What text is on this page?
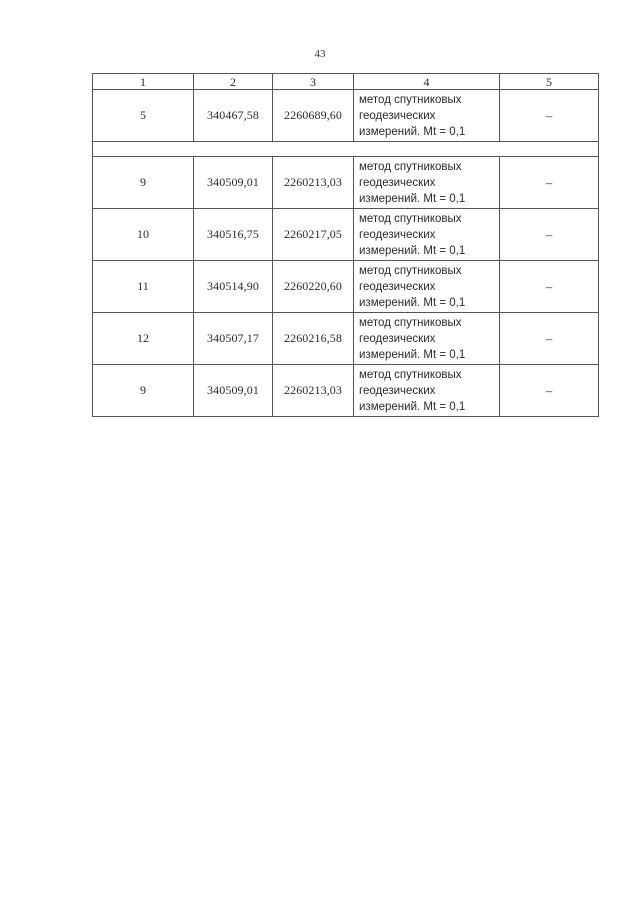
43
1	2	3	4	5
5	340467,58	2260689,60	метод спутниковых
геодезических
измерений. Mt = 0,1	–

9	340509,01	2260213,03	метод спутниковых
геодезических
измерений. Mt = 0,1	–
10	340516,75	2260217,05	метод спутниковых
геодезических
измерений. Mt = 0,1	–
11	340514,90	2260220,60	метод спутниковых
геодезических
измерений. Mt = 0,1	–
12	340507,17	2260216,58	метод спутниковых
геодезических
измерений. Mt = 0,1	–
9	340509,01	2260213,03	метод спутниковых
геодезических
измерений. Mt = 0,1	–
